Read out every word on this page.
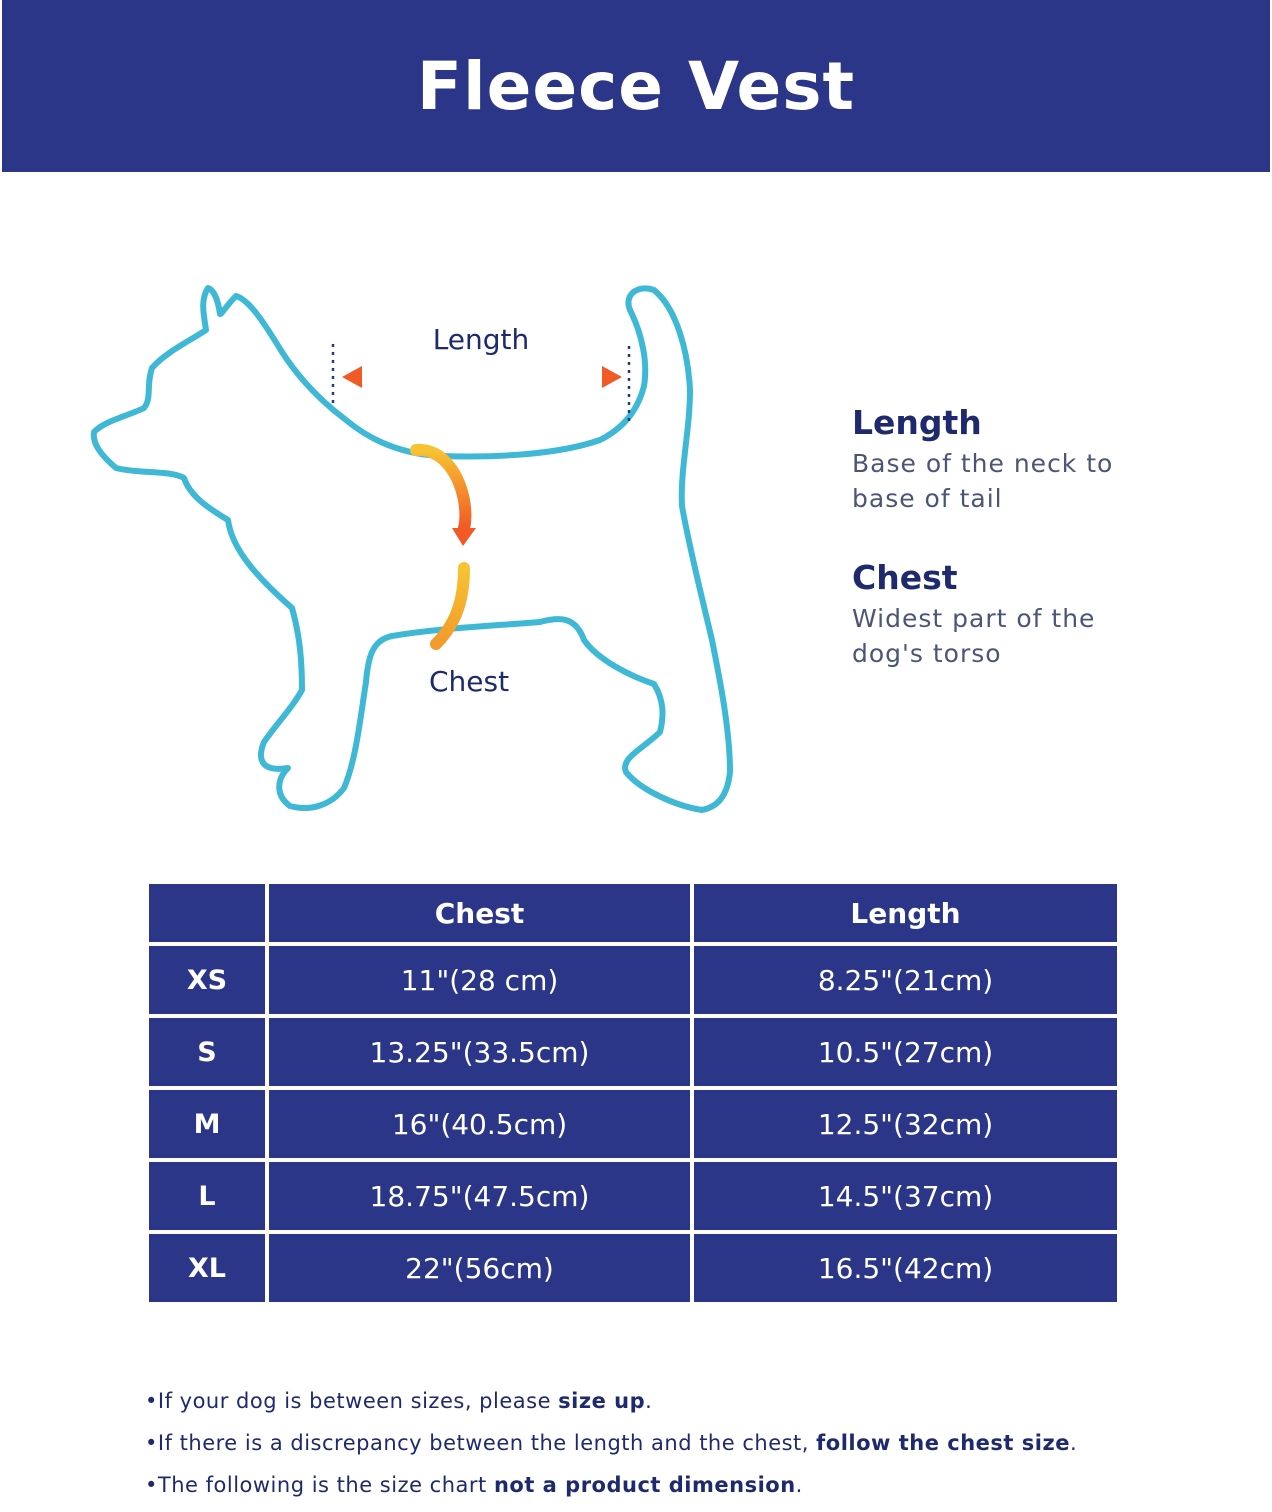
Fleece Vest
Length
Chest
Length
Base of the neck to
base of tail
Chest
Widest part of the
dog's torso
	Chest	Length
XS	11"(28 cm)	8.25"(21cm)
S	13.25"(33.5cm)	10.5"(27cm)
M	16"(40.5cm)	12.5"(32cm)
L	18.75"(47.5cm)	14.5"(37cm)
XL	22"(56cm)	16.5"(42cm)
•If your dog is between sizes, please size up.
•If there is a discrepancy between the length and the chest, follow the chest size.
•The following is the size chart not a product dimension.
